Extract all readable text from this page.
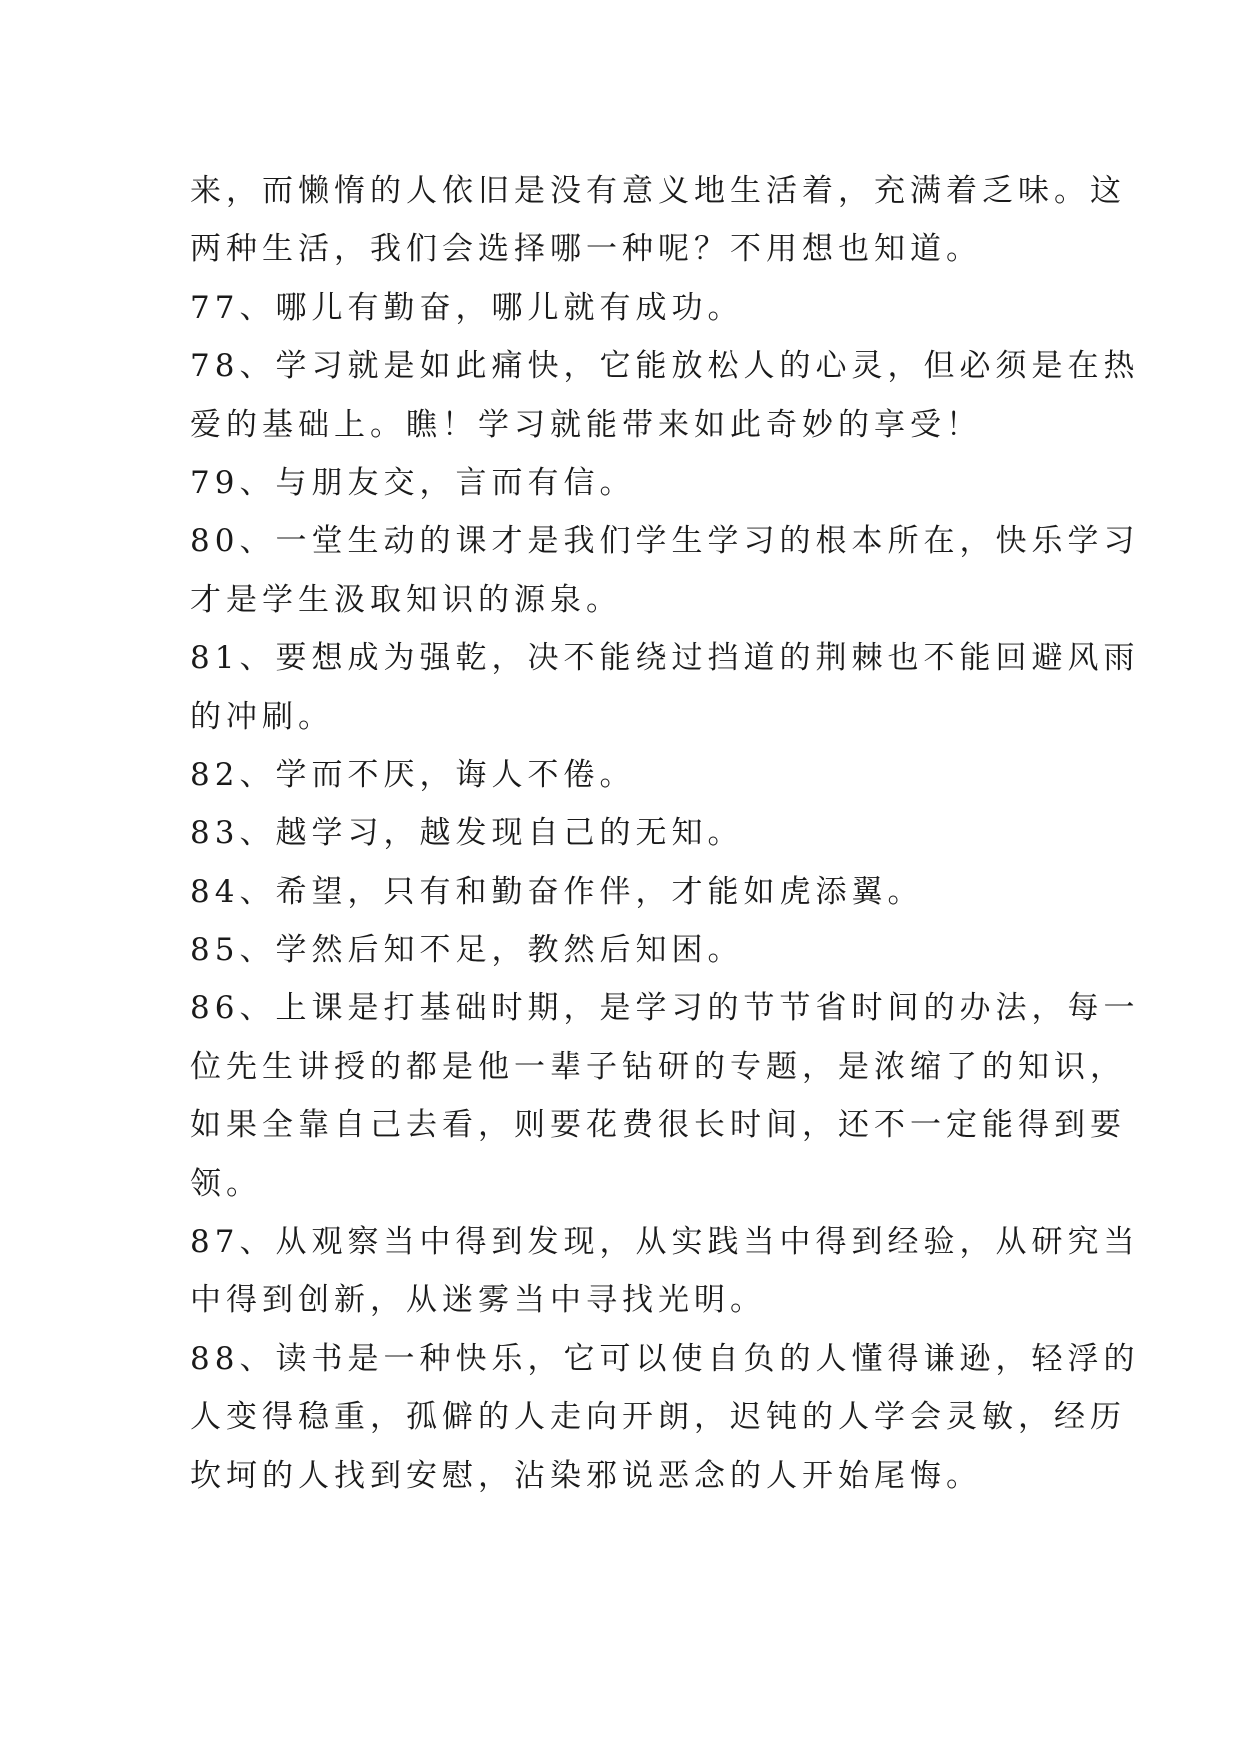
来，而懒惰的人依旧是没有意义地生活着，充满着乏味。这
两种生活，我们会选择哪一种呢？不用想也知道。
77、哪儿有勤奋，哪儿就有成功。
78、学习就是如此痛快，它能放松人的心灵，但必须是在热
爱的基础上。瞧！学习就能带来如此奇妙的享受！
79、与朋友交，言而有信。
80、一堂生动的课才是我们学生学习的根本所在，快乐学习
才是学生汲取知识的源泉。
81、要想成为强乾，决不能绕过挡道的荆棘也不能回避风雨
的冲刷。
82、学而不厌，诲人不倦。
83、越学习，越发现自己的无知。
84、希望，只有和勤奋作伴，才能如虎添翼。
85、学然后知不足，教然后知困。
86、上课是打基础时期，是学习的节节省时间的办法，每一
位先生讲授的都是他一辈子钻研的专题，是浓缩了的知识，
如果全靠自己去看，则要花费很长时间，还不一定能得到要
领。
87、从观察当中得到发现，从实践当中得到经验，从研究当
中得到创新，从迷雾当中寻找光明。
88、读书是一种快乐，它可以使自负的人懂得谦逊，轻浮的
人变得稳重，孤僻的人走向开朗，迟钝的人学会灵敏，经历
坎坷的人找到安慰，沾染邪说恶念的人开始尾悔。
